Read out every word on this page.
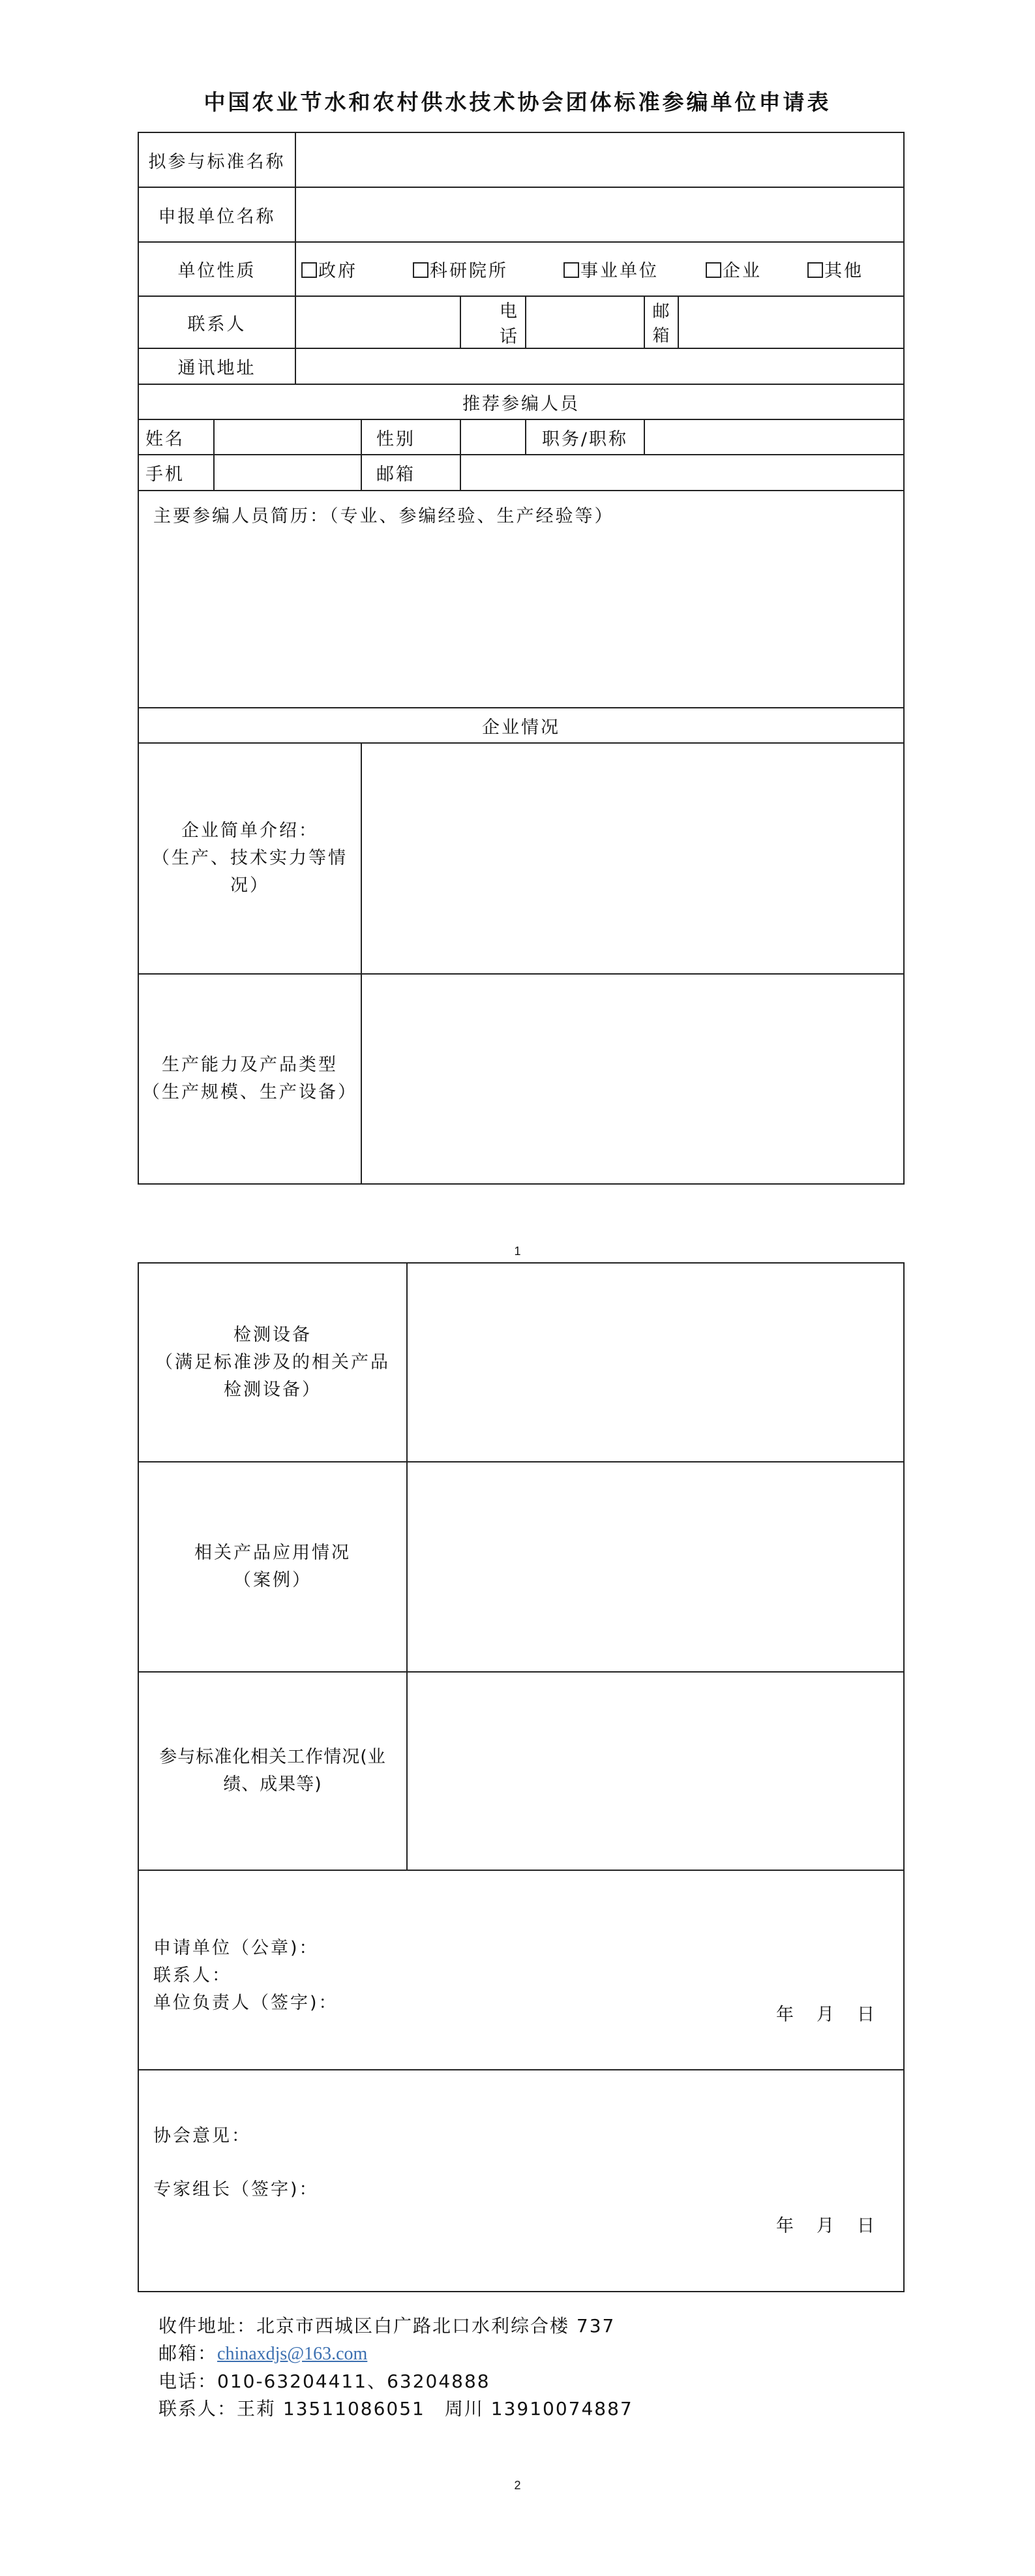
中国农业节水和农村供水技术协会团体标准参编单位申请表
拟参与标准名称							
申报单位名称							
单位性质		政府 科研院所 事业单位 企业 其他					
联系人				电话		邮箱	
通讯地址							
推荐参编人员							
姓名			性别		职务/职称		
手机			邮箱				
主要参编人员简历：（专业、参编经验、生产经验等）							
企业情况							

企业简单介绍：
（生产、技术实力等情况）							

生产能力及产品类型
（生产规模、生产设备）							

1
检测设备
（满足标准涉及的相关产品
检测设备）	

相关产品应用情况
（案例）	

参与标准化相关工作情况(业
绩、成果等)	

申请单位（公章)：
联系人：
单位负责人（签字)：
年　月　日	

协会意见：
专家组长（签字)：
年　月　日	
收件地址：北京市西城区白广路北口水利综合楼 737
邮箱：chinaxdjs@163.com
电话：010-63204411、63204888
联系人：王莉 13511086051　周川 13910074887
2
